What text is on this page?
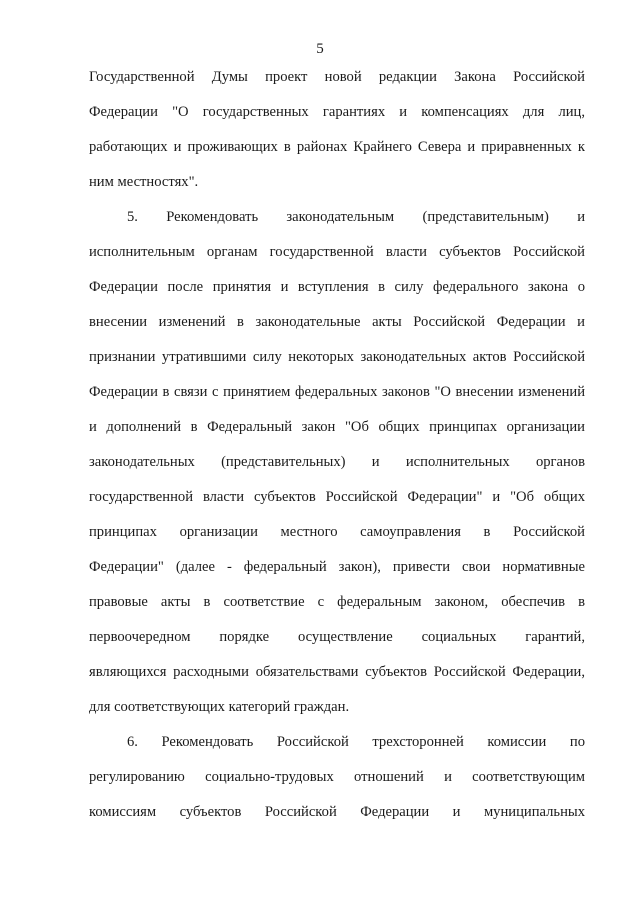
5
Государственной Думы проект новой редакции Закона Российской
Федерации "О государственных гарантиях и компенсациях для лиц,
работающих и проживающих в районах Крайнего Севера и приравненных к
ним местностях".
5. Рекомендовать законодательным (представительным) и
исполнительным органам государственной власти субъектов Российской
Федерации после принятия и вступления в силу федерального закона о
внесении изменений в законодательные акты Российской Федерации и
признании утратившими силу некоторых законодательных актов Российской
Федерации в связи с принятием федеральных законов "О внесении изменений
и дополнений в Федеральный закон "Об общих принципах организации
законодательных (представительных) и исполнительных органов
государственной власти субъектов Российской Федерации" и "Об общих
принципах организации местного самоуправления в Российской
Федерации" (далее - федеральный закон), привести свои нормативные
правовые акты в соответствие с федеральным законом, обеспечив в
первоочередном порядке осуществление социальных гарантий,
являющихся расходными обязательствами субъектов Российской Федерации,
для соответствующих категорий граждан.
6. Рекомендовать Российской трехсторонней комиссии по
регулированию социально-трудовых отношений и соответствующим
комиссиям субъектов Российской Федерации и муниципальных
